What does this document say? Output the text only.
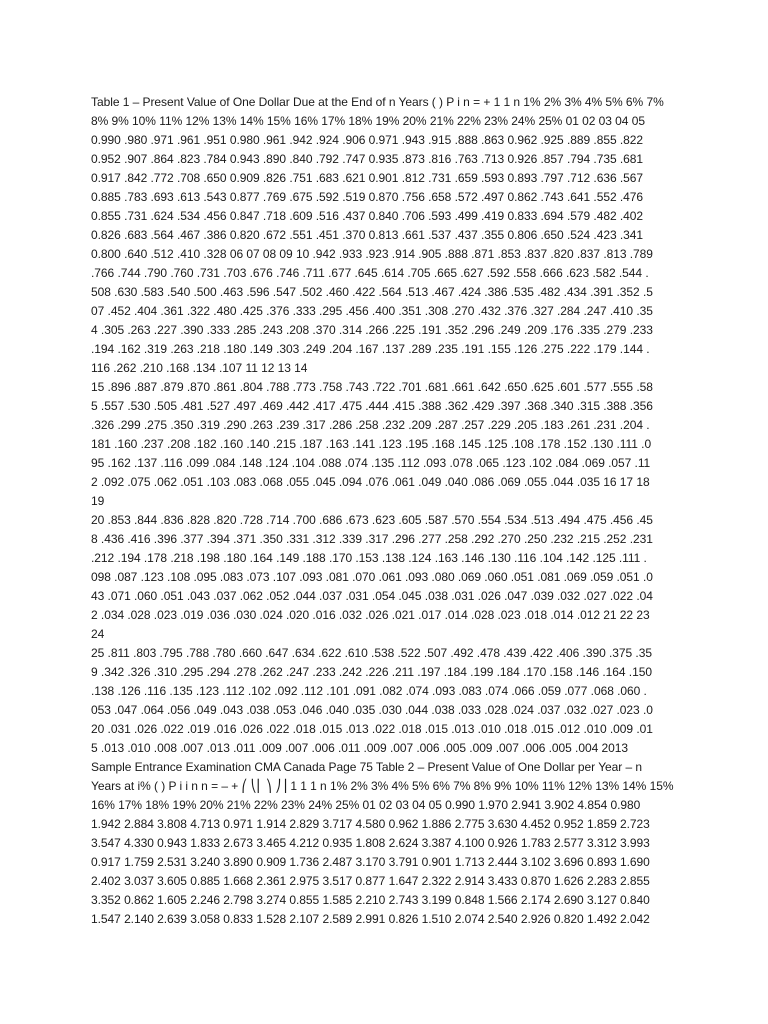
Table 1 – Present Value of One Dollar Due at the End of n Years ( ) P i n = + 1 1 n 1% 2% 3% 4% 5% 6% 7%
8% 9% 10% 11% 12% 13% 14% 15% 16% 17% 18% 19% 20% 21% 22% 23% 24% 25% 01 02 03 04 05
0.990 .980 .971 .961 .951 0.980 .961 .942 .924 .906 0.971 .943 .915 .888 .863 0.962 .925 .889 .855 .822
0.952 .907 .864 .823 .784 0.943 .890 .840 .792 .747 0.935 .873 .816 .763 .713 0.926 .857 .794 .735 .681
0.917 .842 .772 .708 .650 0.909 .826 .751 .683 .621 0.901 .812 .731 .659 .593 0.893 .797 .712 .636 .567
0.885 .783 .693 .613 .543 0.877 .769 .675 .592 .519 0.870 .756 .658 .572 .497 0.862 .743 .641 .552 .476
0.855 .731 .624 .534 .456 0.847 .718 .609 .516 .437 0.840 .706 .593 .499 .419 0.833 .694 .579 .482 .402
0.826 .683 .564 .467 .386 0.820 .672 .551 .451 .370 0.813 .661 .537 .437 .355 0.806 .650 .524 .423 .341
0.800 .640 .512 .410 .328 06 07 08 09 10 .942 .933 .923 .914 .905 .888 .871 .853 .837 .820 .837 .813 .789
.766 .744 .790 .760 .731 .703 .676 .746 .711 .677 .645 .614 .705 .665 .627 .592 .558 .666 .623 .582 .544 .
508 .630 .583 .540 .500 .463 .596 .547 .502 .460 .422 .564 .513 .467 .424 .386 .535 .482 .434 .391 .352 .5
07 .452 .404 .361 .322 .480 .425 .376 .333 .295 .456 .400 .351 .308 .270 .432 .376 .327 .284 .247 .410 .35
4 .305 .263 .227 .390 .333 .285 .243 .208 .370 .314 .266 .225 .191 .352 .296 .249 .209 .176 .335 .279 .233
.194 .162 .319 .263 .218 .180 .149 .303 .249 .204 .167 .137 .289 .235 .191 .155 .126 .275 .222 .179 .144 .
116 .262 .210 .168 .134 .107 11 12 13 14
15 .896 .887 .879 .870 .861 .804 .788 .773 .758 .743 .722 .701 .681 .661 .642 .650 .625 .601 .577 .555 .58
5 .557 .530 .505 .481 .527 .497 .469 .442 .417 .475 .444 .415 .388 .362 .429 .397 .368 .340 .315 .388 .356
.326 .299 .275 .350 .319 .290 .263 .239 .317 .286 .258 .232 .209 .287 .257 .229 .205 .183 .261 .231 .204 .
181 .160 .237 .208 .182 .160 .140 .215 .187 .163 .141 .123 .195 .168 .145 .125 .108 .178 .152 .130 .111 .0
95 .162 .137 .116 .099 .084 .148 .124 .104 .088 .074 .135 .112 .093 .078 .065 .123 .102 .084 .069 .057 .11
2 .092 .075 .062 .051 .103 .083 .068 .055 .045 .094 .076 .061 .049 .040 .086 .069 .055 .044 .035 16 17 18
19
20 .853 .844 .836 .828 .820 .728 .714 .700 .686 .673 .623 .605 .587 .570 .554 .534 .513 .494 .475 .456 .45
8 .436 .416 .396 .377 .394 .371 .350 .331 .312 .339 .317 .296 .277 .258 .292 .270 .250 .232 .215 .252 .231
.212 .194 .178 .218 .198 .180 .164 .149 .188 .170 .153 .138 .124 .163 .146 .130 .116 .104 .142 .125 .111 .
098 .087 .123 .108 .095 .083 .073 .107 .093 .081 .070 .061 .093 .080 .069 .060 .051 .081 .069 .059 .051 .0
43 .071 .060 .051 .043 .037 .062 .052 .044 .037 .031 .054 .045 .038 .031 .026 .047 .039 .032 .027 .022 .04
2 .034 .028 .023 .019 .036 .030 .024 .020 .016 .032 .026 .021 .017 .014 .028 .023 .018 .014 .012 21 22 23
24
25 .811 .803 .795 .788 .780 .660 .647 .634 .622 .610 .538 .522 .507 .492 .478 .439 .422 .406 .390 .375 .35
9 .342 .326 .310 .295 .294 .278 .262 .247 .233 .242 .226 .211 .197 .184 .199 .184 .170 .158 .146 .164 .150
.138 .126 .116 .135 .123 .112 .102 .092 .112 .101 .091 .082 .074 .093 .083 .074 .066 .059 .077 .068 .060 .
053 .047 .064 .056 .049 .043 .038 .053 .046 .040 .035 .030 .044 .038 .033 .028 .024 .037 .032 .027 .023 .0
20 .031 .026 .022 .019 .016 .026 .022 .018 .015 .013 .022 .018 .015 .013 .010 .018 .015 .012 .010 .009 .01
5 .013 .010 .008 .007 .013 .011 .009 .007 .006 .011 .009 .007 .006 .005 .009 .007 .006 .005 .004 2013
Sample Entrance Examination CMA Canada Page 75 Table 2 – Present Value of One Dollar per Year – n
Years at i% ( ) P i i n n = – + ⎛ ⎝⎜ ⎞ ⎠⎟ 1 1 1 n 1% 2% 3% 4% 5% 6% 7% 8% 9% 10% 11% 12% 13% 14% 15%
16% 17% 18% 19% 20% 21% 22% 23% 24% 25% 01 02 03 04 05 0.990 1.970 2.941 3.902 4.854 0.980
1.942 2.884 3.808 4.713 0.971 1.914 2.829 3.717 4.580 0.962 1.886 2.775 3.630 4.452 0.952 1.859 2.723
3.547 4.330 0.943 1.833 2.673 3.465 4.212 0.935 1.808 2.624 3.387 4.100 0.926 1.783 2.577 3.312 3.993
0.917 1.759 2.531 3.240 3.890 0.909 1.736 2.487 3.170 3.791 0.901 1.713 2.444 3.102 3.696 0.893 1.690
2.402 3.037 3.605 0.885 1.668 2.361 2.975 3.517 0.877 1.647 2.322 2.914 3.433 0.870 1.626 2.283 2.855
3.352 0.862 1.605 2.246 2.798 3.274 0.855 1.585 2.210 2.743 3.199 0.848 1.566 2.174 2.690 3.127 0.840
1.547 2.140 2.639 3.058 0.833 1.528 2.107 2.589 2.991 0.826 1.510 2.074 2.540 2.926 0.820 1.492 2.042
